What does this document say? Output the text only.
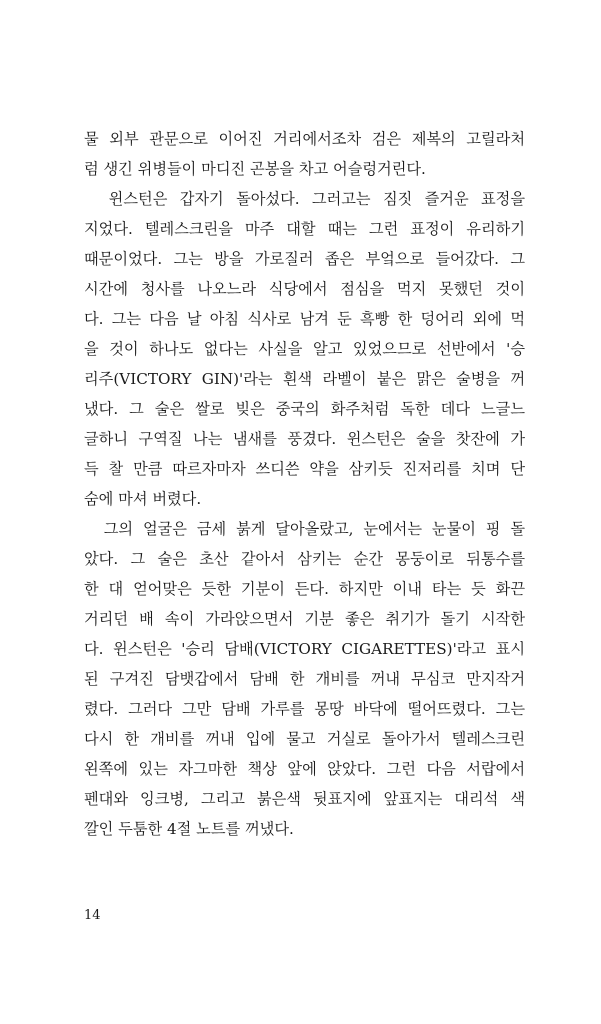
물 외부 관문으로 이어진 거리에서조차 검은 제복의 고릴라처
럼 생긴 위병들이 마디진 곤봉을 차고 어슬렁거린다.
윈스턴은 갑자기 돌아섰다. 그러고는 짐짓 즐거운 표정을
지었다. 텔레스크린을 마주 대할 때는 그런 표정이 유리하기
때문이었다. 그는 방을 가로질러 좁은 부엌으로 들어갔다. 그
시간에 청사를 나오느라 식당에서 점심을 먹지 못했던 것이
다. 그는 다음 날 아침 식사로 남겨 둔 흑빵 한 덩어리 외에 먹
을 것이 하나도 없다는 사실을 알고 있었으므로 선반에서 '승
리주(VICTORY GIN)'라는 흰색 라벨이 붙은 맑은 술병을 꺼
냈다. 그 술은 쌀로 빚은 중국의 화주처럼 독한 데다 느글느
글하니 구역질 나는 냄새를 풍겼다. 윈스턴은 술을 찻잔에 가
득 찰 만큼 따르자마자 쓰디쓴 약을 삼키듯 진저리를 치며 단
숨에 마셔 버렸다.
그의 얼굴은 금세 붉게 달아올랐고, 눈에서는 눈물이 핑 돌
았다. 그 술은 초산 같아서 삼키는 순간 몽둥이로 뒤통수를
한 대 얻어맞은 듯한 기분이 든다. 하지만 이내 타는 듯 화끈
거리던 배 속이 가라앉으면서 기분 좋은 취기가 돌기 시작한
다. 윈스턴은 '승리 담배(VICTORY CIGARETTES)'라고 표시
된 구겨진 담뱃갑에서 담배 한 개비를 꺼내 무심코 만지작거
렸다. 그러다 그만 담배 가루를 몽땅 바닥에 떨어뜨렸다. 그는
다시 한 개비를 꺼내 입에 물고 거실로 돌아가서 텔레스크린
왼쪽에 있는 자그마한 책상 앞에 앉았다. 그런 다음 서랍에서
펜대와 잉크병, 그리고 붉은색 뒷표지에 앞표지는 대리석 색
깔인 두툼한 4절 노트를 꺼냈다.
14
